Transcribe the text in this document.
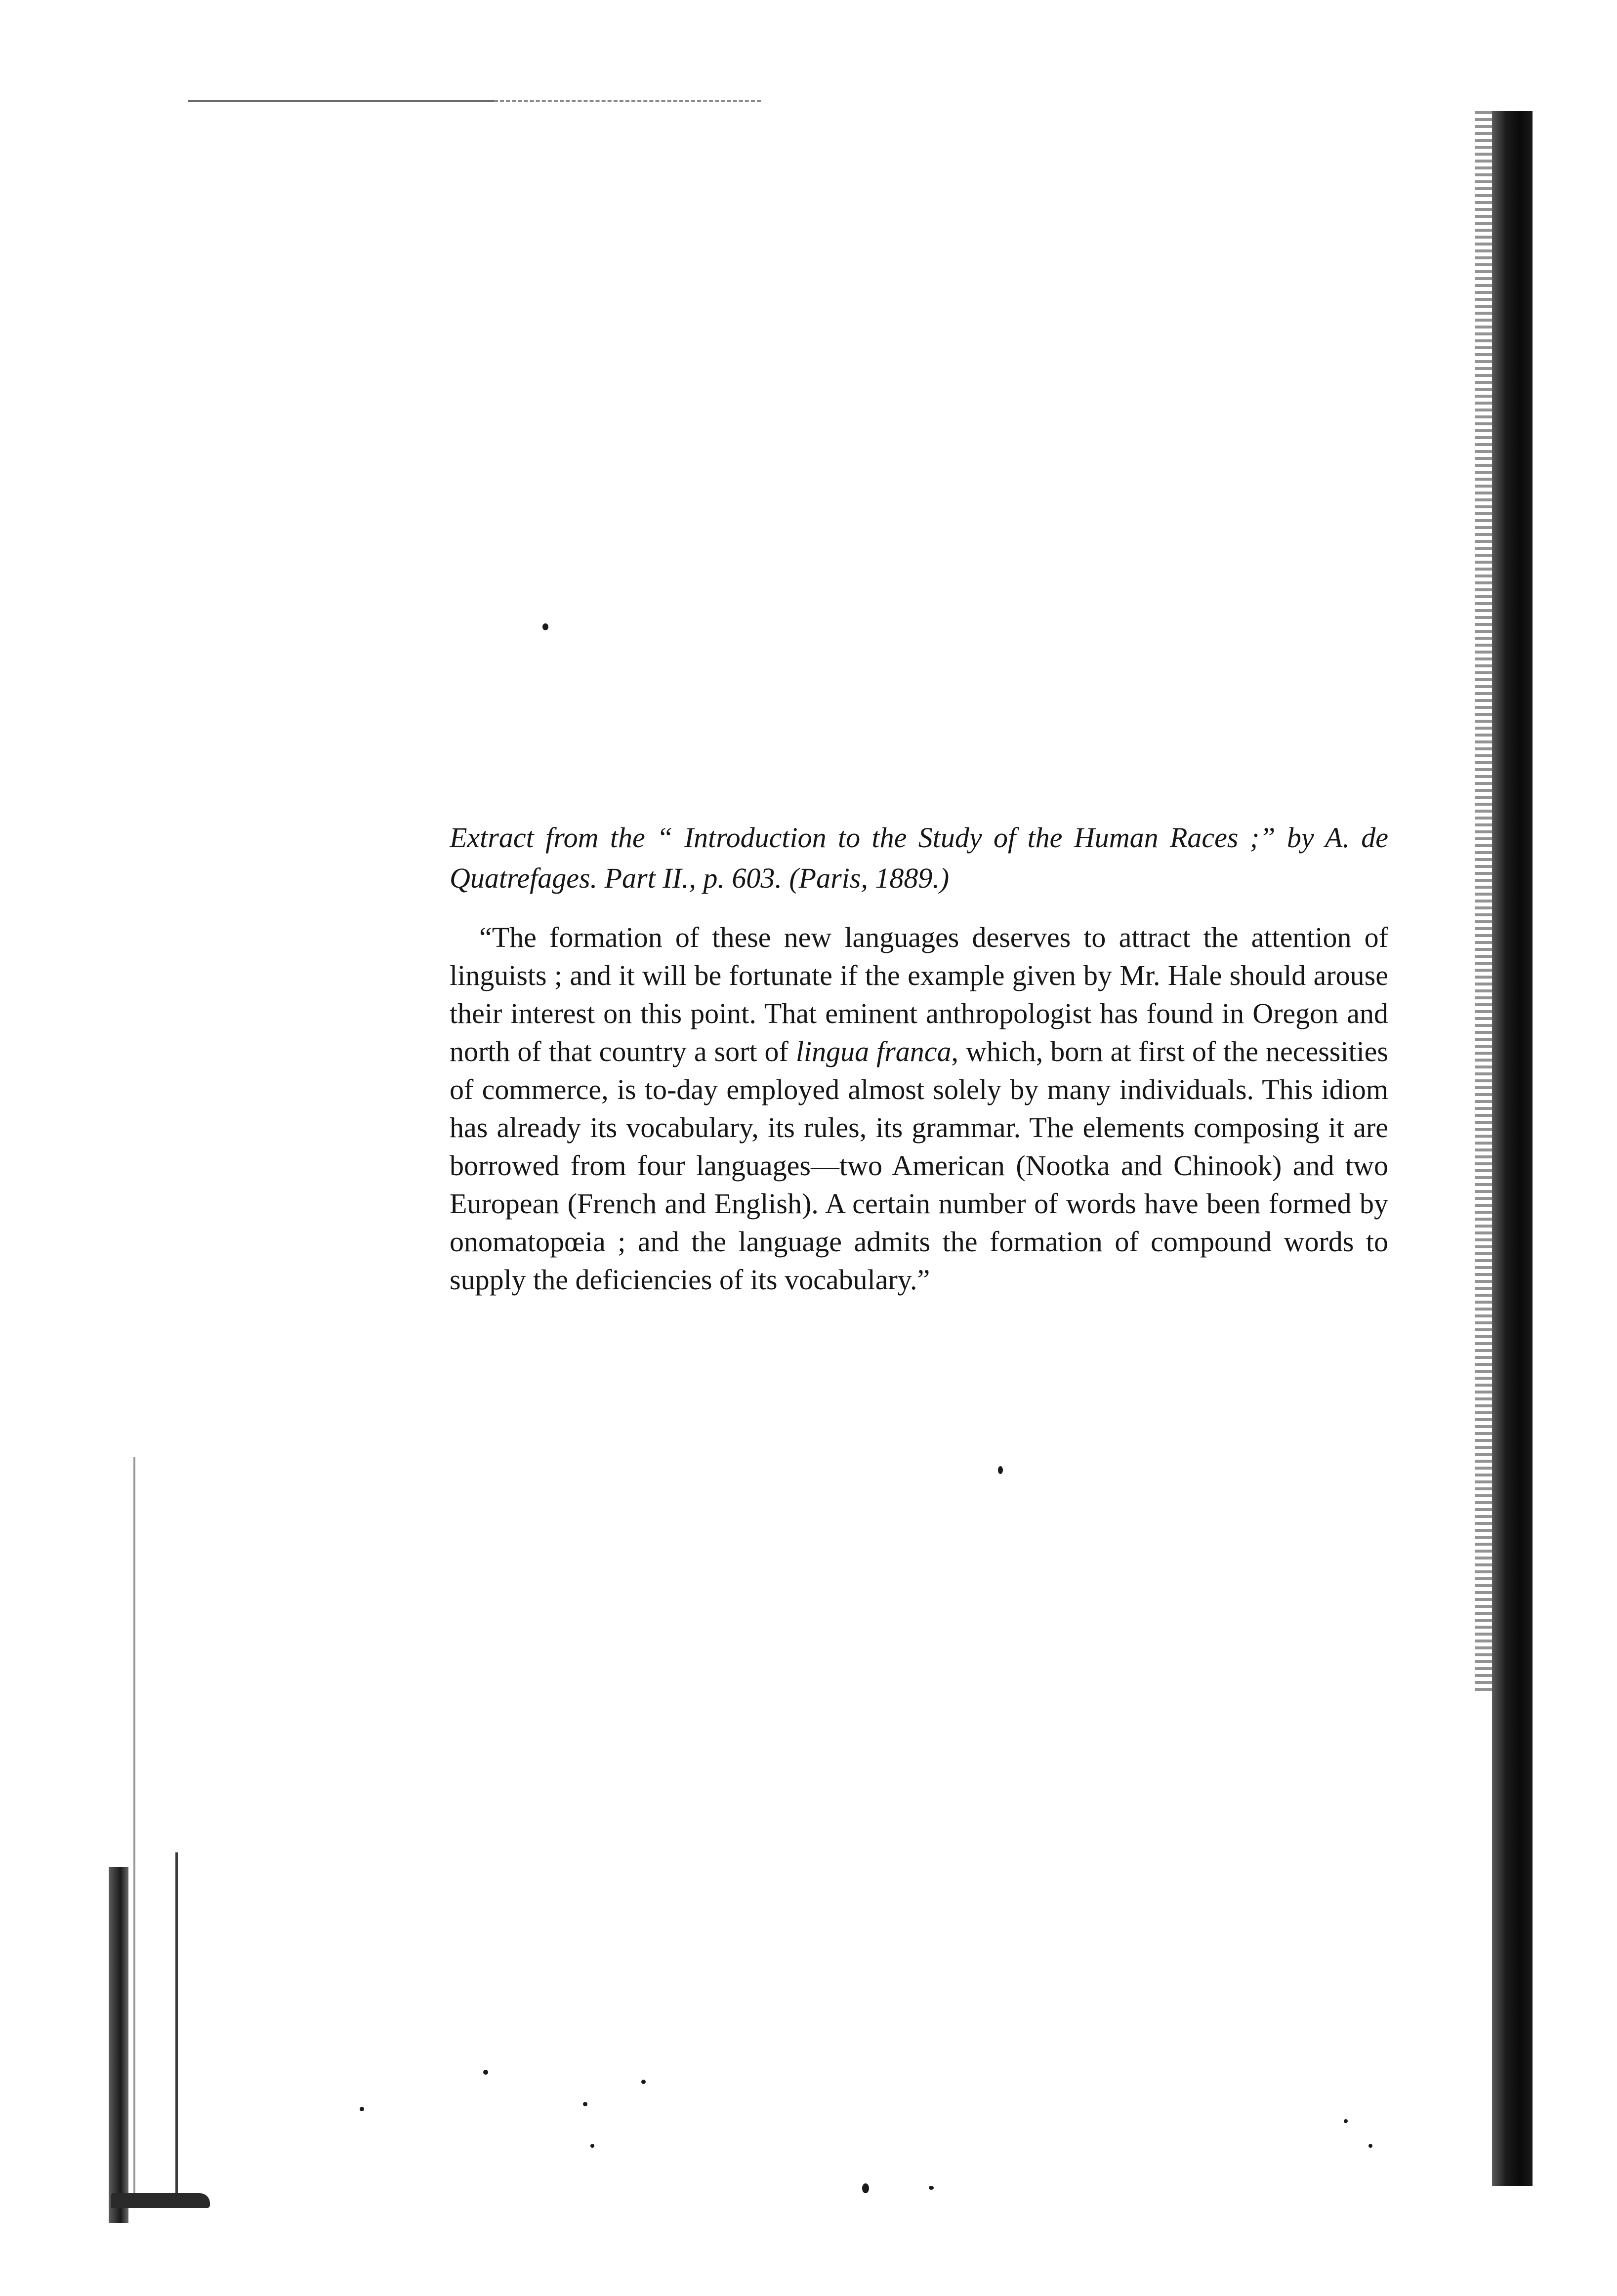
Extract from the “ Introduction to the Study of the Human Races ;” by A. de Quatrefages. Part II., p. 603. (Paris, 1889.)

“The formation of these new languages deserves to attract the attention of linguists ; and it will be fortunate if the example given by Mr. Hale should arouse their interest on this point. That eminent anthropologist has found in Oregon and north of that country a sort of lingua franca, which, born at first of the necessities of commerce, is to-day employed almost solely by many individuals. This idiom has already its vocabulary, its rules, its grammar. The elements composing it are borrowed from four languages—two American (Nootka and Chinook) and two European (French and English). A certain number of words have been formed by onomatopœia ; and the language admits the formation of compound words to supply the deficiencies of its vocabulary.”
